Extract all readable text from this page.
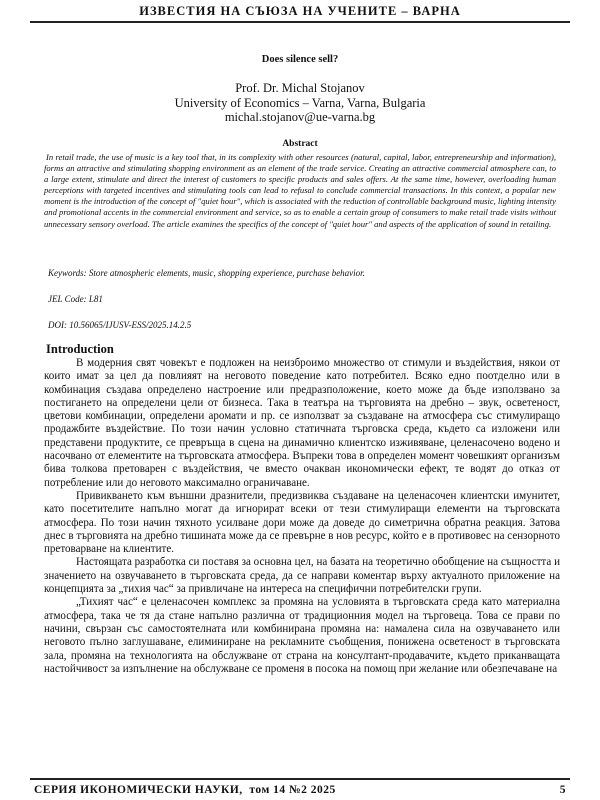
ИЗВЕСТИЯ НА СЪЮЗА НА УЧЕНИТЕ – ВАРНА
Does silence sell?
Prof. Dr. Michal Stojanov
University of Economics – Varna, Varna, Bulgaria
michal.stojanov@ue-varna.bg
Abstract
In retail trade, the use of music is a key tool that, in its complexity with other resources (natural, capital, labor, entrepreneurship and information), forms an attractive and stimulating shopping environment as an element of the trade service. Creating an attractive commercial atmosphere can, to a large extent, stimulate and direct the interest of customers to specific products and sales offers. At the same time, however, overloading human perceptions with targeted incentives and stimulating tools can lead to refusal to conclude commercial transactions. In this context, a popular new moment is the introduction of the concept of "quiet hour", which is associated with the reduction of controllable background music, lighting intensity and promotional accents in the commercial environment and service, so as to enable a certain group of consumers to make retail trade visits without unnecessary sensory overload. The article examines the specifics of the concept of "quiet hour" and aspects of the application of sound in retailing.
Keywords: Store atmospheric elements, music, shopping experience, purchase behavior.
JEL Code: L81
DOI: 10.56065/IJUSV-ESS/2025.14.2.5
Introduction

В модерния свят човекът е подложен на неизброимо множество от стимули и въздействия, някои от които имат за цел да повлияят на неговото поведение като потребител. Всяко едно поотделно или в комбинация създава определено настроение или предразположение, което може да бъде използвано за постигането на определени цели от бизнеса. Така в театъра на търговията на дребно – звук, осветеност, цветови комбинации, определени аромати и пр. се използват за създаване на атмосфера със стимулиращо продажбите въздействие. По този начин условно статичната търговска среда, където са изложени или представени продуктите, се превръща в сцена на динамично клиентско изживяване, целенасочено водено и насочвано от елементите на търговската атмосфера. Въпреки това в определен момент човешкият организъм бива толкова претоварен с въздействия, че вместо очакван икономически ефект, те водят до отказ от потребление или до неговото максимално ограничаване.

Привикването към външни дразнители, предизвиква създаване на целенасочен клиентски имунитет, като посетителите напълно могат да игнорират всеки от тези стимулиращи елементи на търговската атмосфера. По този начин тяхното усилване дори може да доведе до симетрична обратна реакция. Затова днес в търговията на дребно тишината може да се превърне в нов ресурс, който е в противовес на сензорното претоварване на клиентите.

Настоящата разработка си поставя за основна цел, на базата на теоретично обобщение на същността и значението на озвучаването в търговската среда, да се направи коментар върху актуалното приложение на концепцията за „тихия час“ за привличане на интереса на специфични потребителски групи.

„Тихият час“ е целенасочен комплекс за промяна на условията в търговската среда като материална атмосфера, така че тя да стане напълно различна от традиционния модел на търговеца. Това се прави по начини, свързан със самостоятелната или комбинирана промяна на: намалена сила на озвучаването или неговото пълно заглушаване, елиминиране на рекламните съобщения, понижена осветеност в търговската зала, промяна на технологията на обслужване от страна на консултант-продавачите, където приканващата настойчивост за изпълнение на обслужване се променя в посока на помощ при желание или обезпечаване на

СЕРИЯ ИКОНОМИЧЕСКИ НАУКИ, том 14 №2 2025	5
